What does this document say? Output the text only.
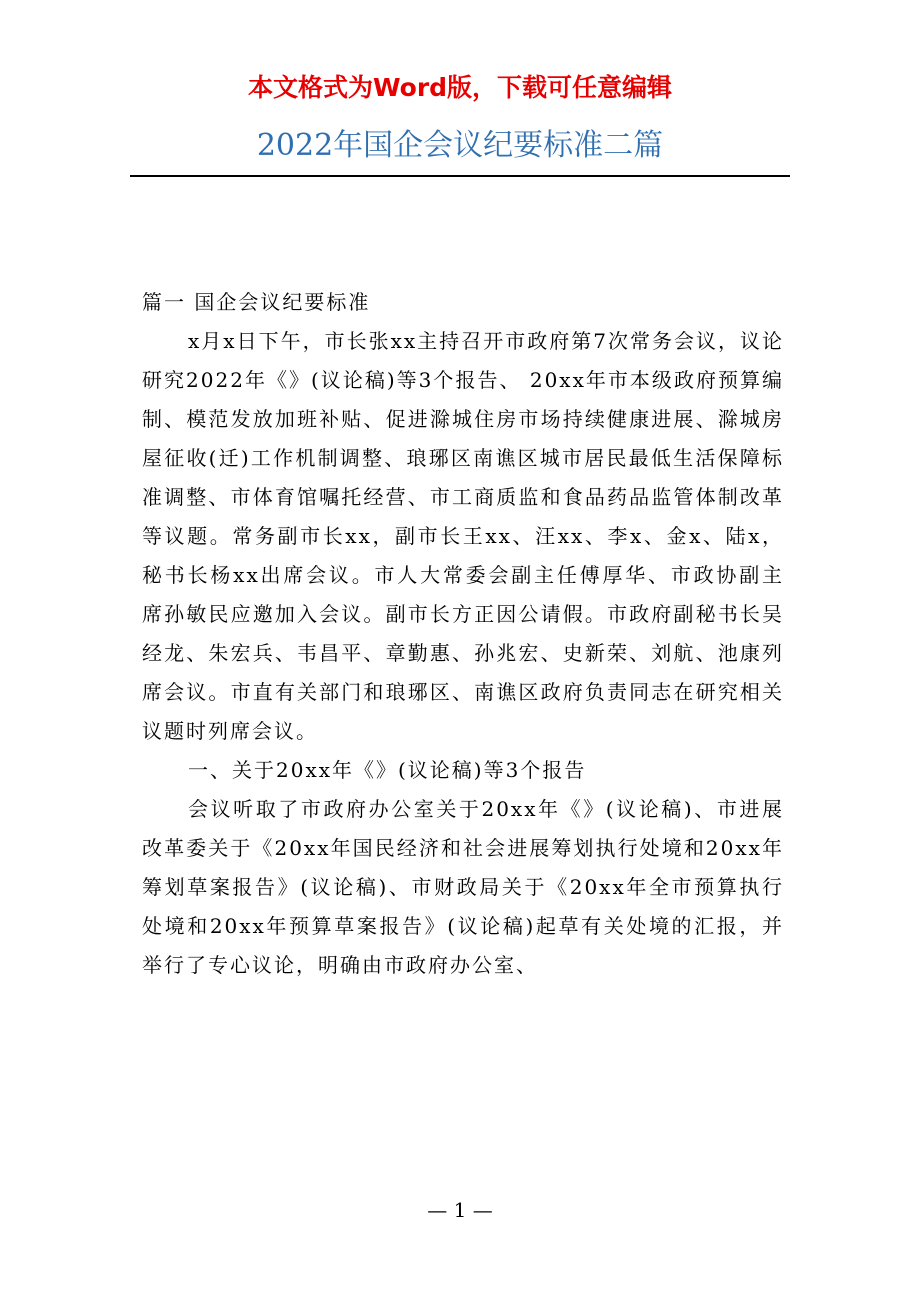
本文格式为Word版，下载可任意编辑
2022年国企会议纪要标准二篇

篇一 国企会议纪要标准

x月x日下午，市长张xx主持召开市政府第7次常务会议，议论研究2022年《》(议论稿)等3个报告、 20xx年市本级政府预算编制、模范发放加班补贴、促进滁城住房市场持续健康进展、滁城房屋征收(迁)工作机制调整、琅琊区南谯区城市居民最低生活保障标准调整、市体育馆嘱托经营、市工商质监和食品药品监管体制改革等议题。常务副市长xx，副市长王xx、汪xx、李x、金x、陆x，秘书长杨xx出席会议。市人大常委会副主任傅厚华、市政协副主席孙敏民应邀加入会议。副市长方正因公请假。市政府副秘书长吴经龙、朱宏兵、韦昌平、章勤惠、孙兆宏、史新荣、刘航、池康列席会议。市直有关部门和琅琊区、南谯区政府负责同志在研究相关议题时列席会议。

一、关于20xx年《》(议论稿)等3个报告

会议听取了市政府办公室关于20xx年《》(议论稿)、市进展改革委关于《20xx年国民经济和社会进展筹划执行处境和20xx年筹划草案报告》(议论稿)、市财政局关于《20xx年全市预算执行处境和20xx年预算草案报告》(议论稿)起草有关处境的汇报，并举行了专心议论，明确由市政府办公室、

— 1 —
